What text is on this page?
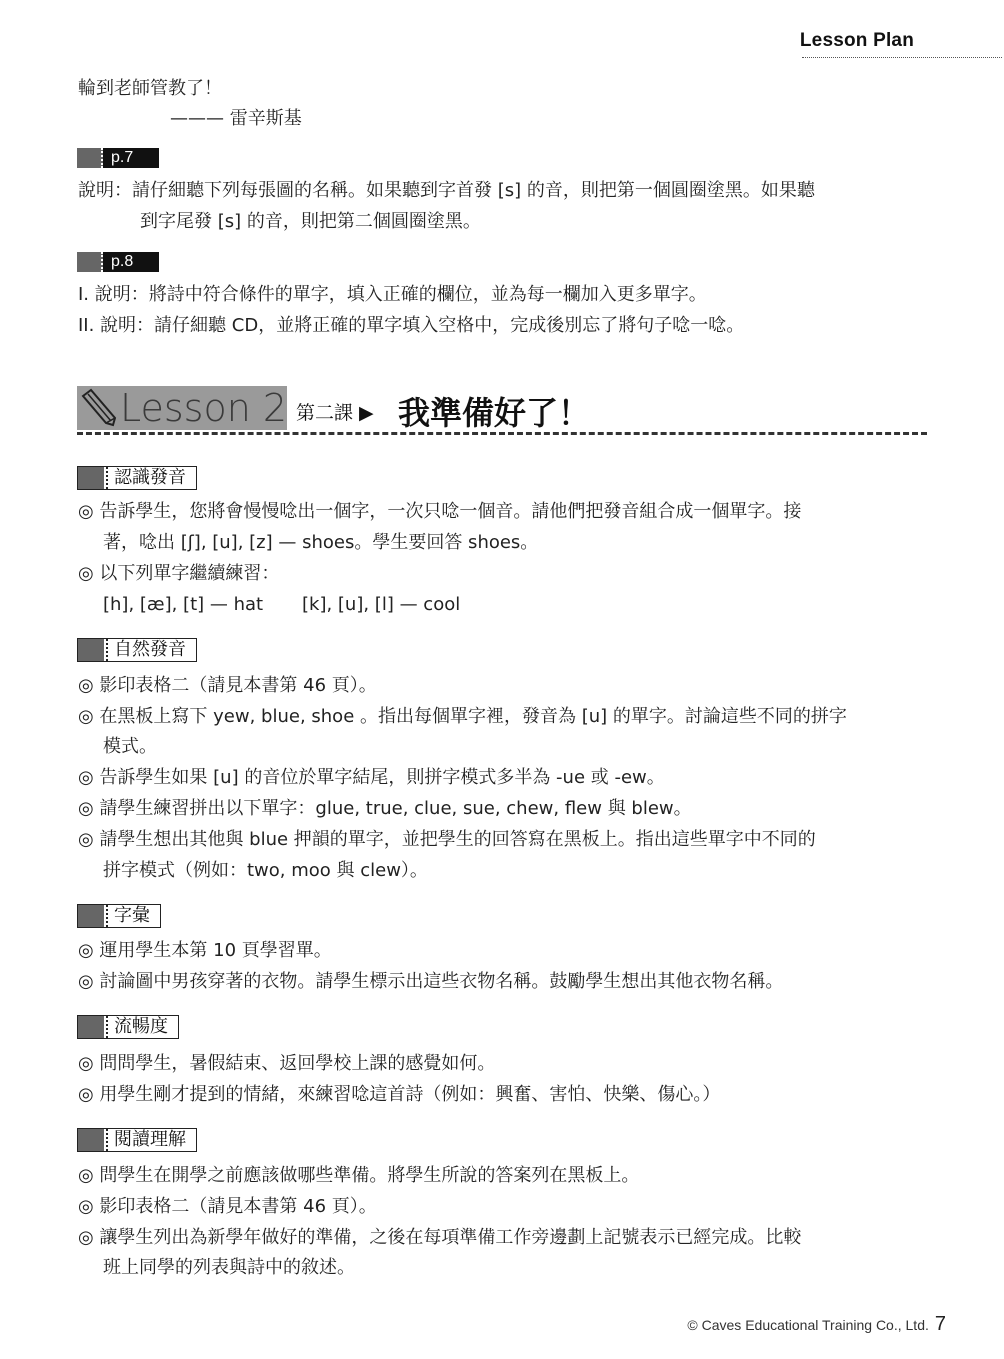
Lesson Plan
輪到老師管教了！
——— 雷辛斯基
p.7
說明：請仔細聽下列每張圖的名稱。如果聽到字首發 [s] 的音，則把第一個圓圈塗黑。如果聽
到字尾發 [s] 的音，則把第二個圓圈塗黑。
p.8
I. 說明：將詩中符合條件的單字，填入正確的欄位，並為每一欄加入更多單字。
II. 說明：請仔細聽 CD，並將正確的單字填入空格中，完成後別忘了將句子唸一唸。
Lesson 2 第二課 ▶ 我準備好了！
認識發音
◎ 告訴學生，您將會慢慢唸出一個字，一次只唸一個音。請他們把發音組合成一個單字。接
著，唸出 [ʃ], [u], [z] — shoes。學生要回答 shoes。
◎ 以下列單字繼續練習：
[h], [æ], [t] — hat [k], [u], [l] — cool
自然發音
◎ 影印表格二（請見本書第 46 頁）。
◎ 在黑板上寫下 yew, blue, shoe 。指出每個單字裡，發音為 [u] 的單字。討論這些不同的拼字
模式。
◎ 告訴學生如果 [u] 的音位於單字結尾，則拼字模式多半為 -ue 或 -ew。
◎ 請學生練習拼出以下單字：glue, true, clue, sue, chew, flew 與 blew。
◎ 請學生想出其他與 blue 押韻的單字，並把學生的回答寫在黑板上。指出這些單字中不同的
拼字模式（例如：two, moo 與 clew）。
字彙
◎ 運用學生本第 10 頁學習單。
◎ 討論圖中男孩穿著的衣物。請學生標示出這些衣物名稱。鼓勵學生想出其他衣物名稱。
流暢度
◎ 問問學生，暑假結束、返回學校上課的感覺如何。
◎ 用學生剛才提到的情緒，來練習唸這首詩（例如：興奮、害怕、快樂、傷心。）
閱讀理解
◎ 問學生在開學之前應該做哪些準備。將學生所說的答案列在黑板上。
◎ 影印表格二（請見本書第 46 頁）。
◎ 讓學生列出為新學年做好的準備，之後在每項準備工作旁邊劃上記號表示已經完成。比較
班上同學的列表與詩中的敘述。
© Caves Educational Training Co., Ltd. 7
